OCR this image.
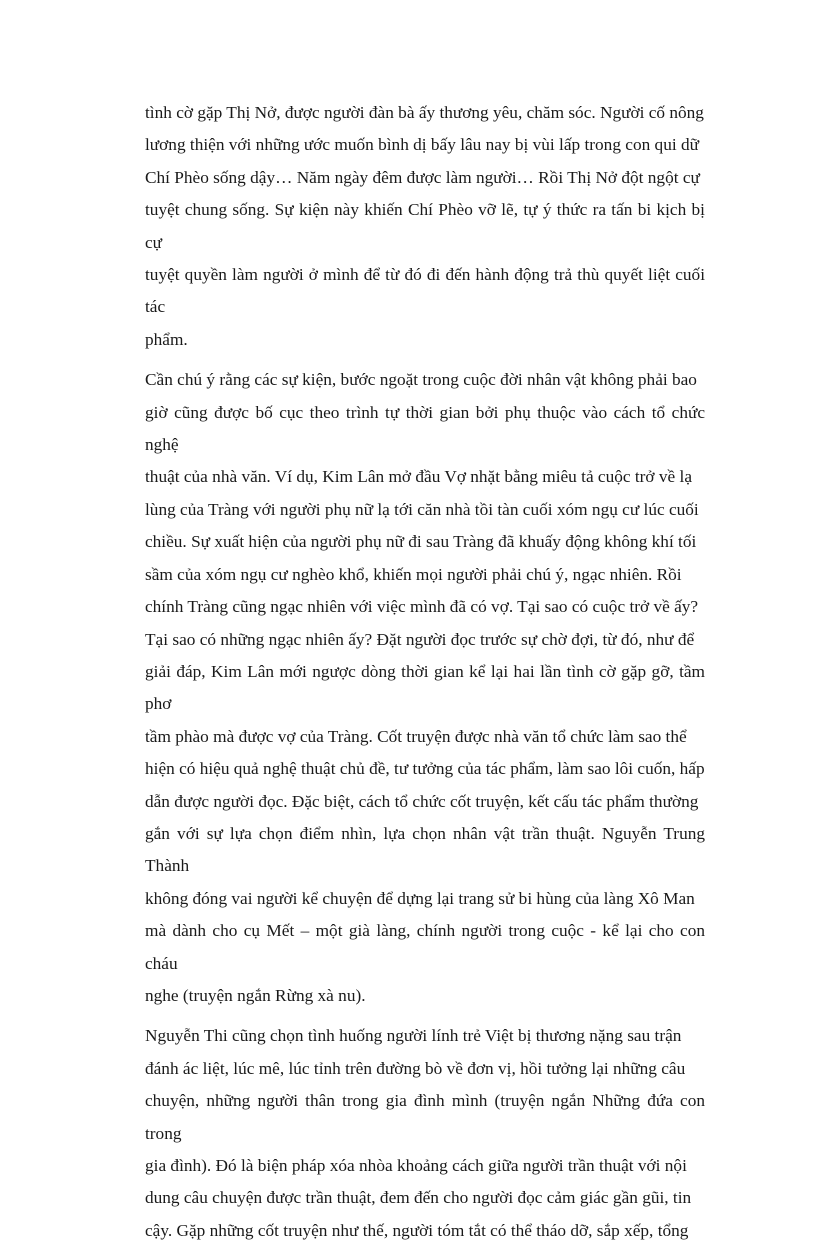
tình cờ gặp Thị Nở, được người đàn bà ấy thương yêu, chăm sóc. Người cố nông
lương thiện với những ước muốn bình dị bấy lâu nay bị vùi lấp trong con qui dữ
Chí Phèo sống dậy… Năm ngày đêm được làm người… Rồi Thị Nở đột ngột cự
tuyệt chung sống. Sự kiện này khiến Chí Phèo vỡ lẽ, tự ý thức ra tấn bi kịch bị cự
tuyệt quyền làm người ở mình để từ đó đi đến hành động trả thù quyết liệt cuối tác
phẩm.
Cần chú ý rằng các sự kiện, bước ngoặt trong cuộc đời nhân vật không phải bao
giờ cũng được bố cục theo trình tự thời gian bởi phụ thuộc vào cách tổ chức nghệ
thuật của nhà văn. Ví dụ, Kim Lân mở đầu Vợ nhặt bằng miêu tả cuộc trở về lạ
lùng của Tràng với người phụ nữ lạ tới căn nhà tồi tàn cuối xóm ngụ cư lúc cuối
chiều. Sự xuất hiện của người phụ nữ đi sau Tràng đã khuấy động không khí tối
sầm của xóm ngụ cư nghèo khổ, khiến mọi người phải chú ý, ngạc nhiên. Rồi
chính Tràng cũng ngạc nhiên với việc mình đã có vợ. Tại sao có cuộc trở về ấy?
Tại sao có những ngạc nhiên ấy? Đặt người đọc trước sự chờ đợi, từ đó, như để
giải đáp, Kim Lân mới ngược dòng thời gian kể lại hai lần tình cờ gặp gỡ, tầm phơ
tầm phào mà được vợ của Tràng. Cốt truyện được nhà văn tổ chức làm sao thể
hiện có hiệu quả nghệ thuật chủ đề, tư tưởng của tác phẩm, làm sao lôi cuốn, hấp
dẫn được người đọc. Đặc biệt, cách tổ chức cốt truyện, kết cấu tác phẩm thường
gắn với sự lựa chọn điểm nhìn, lựa chọn nhân vật trần thuật. Nguyễn Trung Thành
không đóng vai người kể chuyện để dựng lại trang sử bi hùng của làng Xô Man
mà dành cho cụ Mết – một già làng, chính người trong cuộc - kể lại cho con cháu
nghe (truyện ngắn Rừng xà nu).
Nguyễn Thi cũng chọn tình huống người lính trẻ Việt bị thương nặng sau trận
đánh ác liệt, lúc mê, lúc tỉnh trên đường bò về đơn vị, hồi tưởng lại những câu
chuyện, những người thân trong gia đình mình (truyện ngắn Những đứa con trong
gia đình). Đó là biện pháp xóa nhòa khoảng cách giữa người trần thuật với nội
dung câu chuyện được trần thuật, đem đến cho người đọc cảm giác gần gũi, tin
cậy. Gặp những cốt truyện như thế, người tóm tắt có thể tháo dỡ, sắp xếp, tổng
